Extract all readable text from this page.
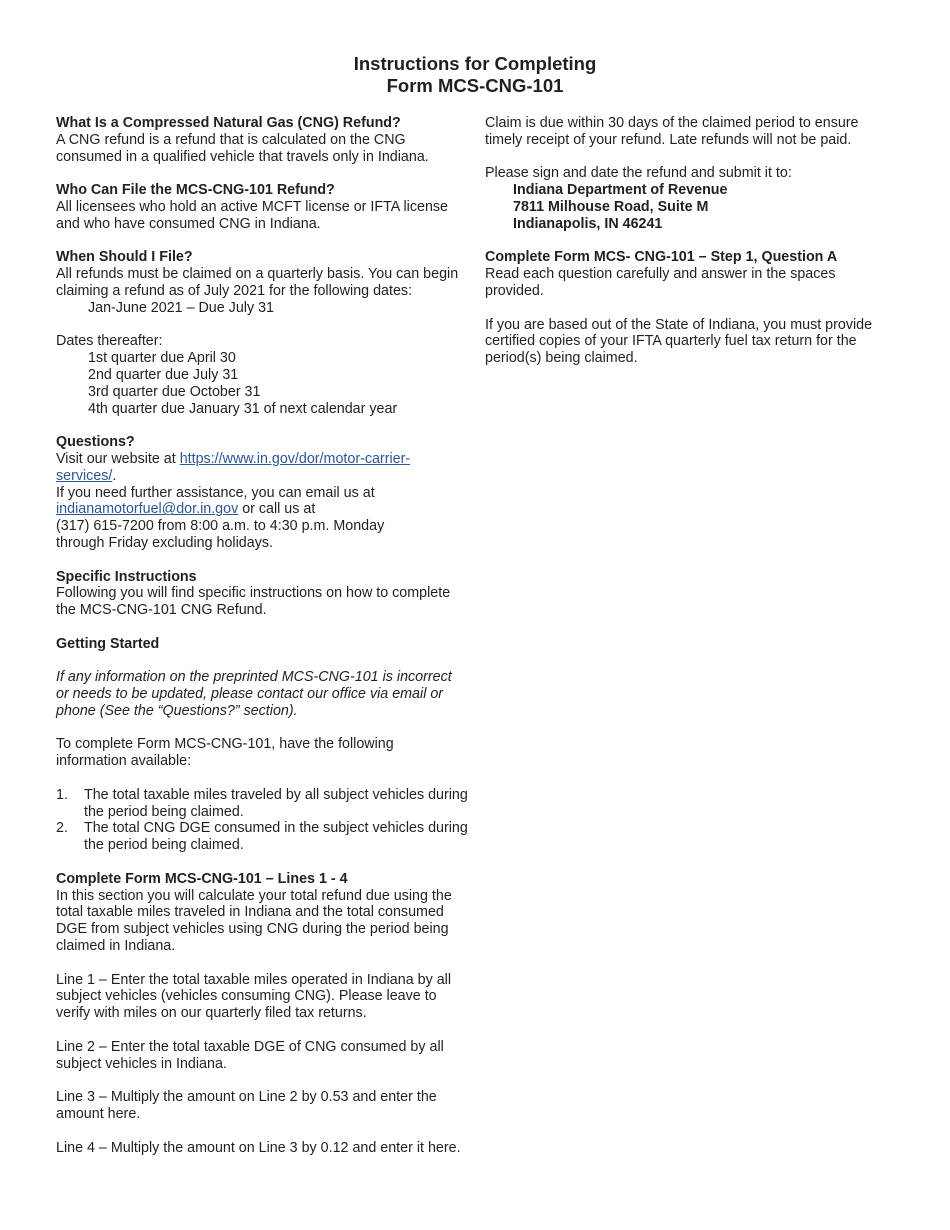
Instructions for Completing
Form MCS-CNG-101
What Is a Compressed Natural Gas (CNG) Refund?

A CNG refund is a refund that is calculated on the CNG consumed in a qualified vehicle that travels only in Indiana.

Who Can File the MCS-CNG-101 Refund?

All licensees who hold an active MCFT license or IFTA license and who have consumed CNG in Indiana.

When Should I File?

All refunds must be claimed on a quarterly basis. You can begin claiming a refund as of July 2021 for the following dates:

Jan-June 2021 – Due July 31

Dates thereafter:

1st quarter due April 30

2nd quarter due July 31

3rd quarter due October 31

4th quarter due January 31 of next calendar year

Questions?

Visit our website at https://www.in.gov/dor/motor-carrier-services/.

If you need further assistance, you can email us at

indianamotorfuel@dor.in.gov or call us at

(317) 615-7200 from 8:00 a.m. to 4:30 p.m. Monday

through Friday excluding holidays.

Specific Instructions

Following you will find specific instructions on how to complete the MCS-CNG-101 CNG Refund.

Getting Started

If any information on the preprinted MCS-CNG-101 is incorrect or needs to be updated, please contact our office via email or phone (See the “Questions?” section).

To complete Form MCS-CNG-101, have the following information available:

1.	The total taxable miles traveled by all subject vehicles during the period being claimed.
2.	The total CNG DGE consumed in the subject vehicles during the period being claimed.
Complete Form MCS-CNG-101 – Lines 1 - 4

In this section you will calculate your total refund due using the total taxable miles traveled in Indiana and the total consumed DGE from subject vehicles using CNG during the period being claimed in Indiana.

Line 1 – Enter the total taxable miles operated in Indiana by all subject vehicles (vehicles consuming CNG). Please leave to verify with miles on our quarterly filed tax returns.

Line 2 – Enter the total taxable DGE of CNG consumed by all subject vehicles in Indiana.

Line 3 – Multiply the amount on Line 2 by 0.53 and enter the amount here.

Line 4 – Multiply the amount on Line 3 by 0.12 and enter it here.

Claim is due within 30 days of the claimed period to ensure timely receipt of your refund. Late refunds will not be paid.

Please sign and date the refund and submit it to:

Indiana Department of Revenue

7811 Milhouse Road, Suite M

Indianapolis, IN 46241

Complete Form MCS- CNG-101 – Step 1, Question A

Read each question carefully and answer in the spaces provided.

If you are based out of the State of Indiana, you must provide certified copies of your IFTA quarterly fuel tax return for the period(s) being claimed.
